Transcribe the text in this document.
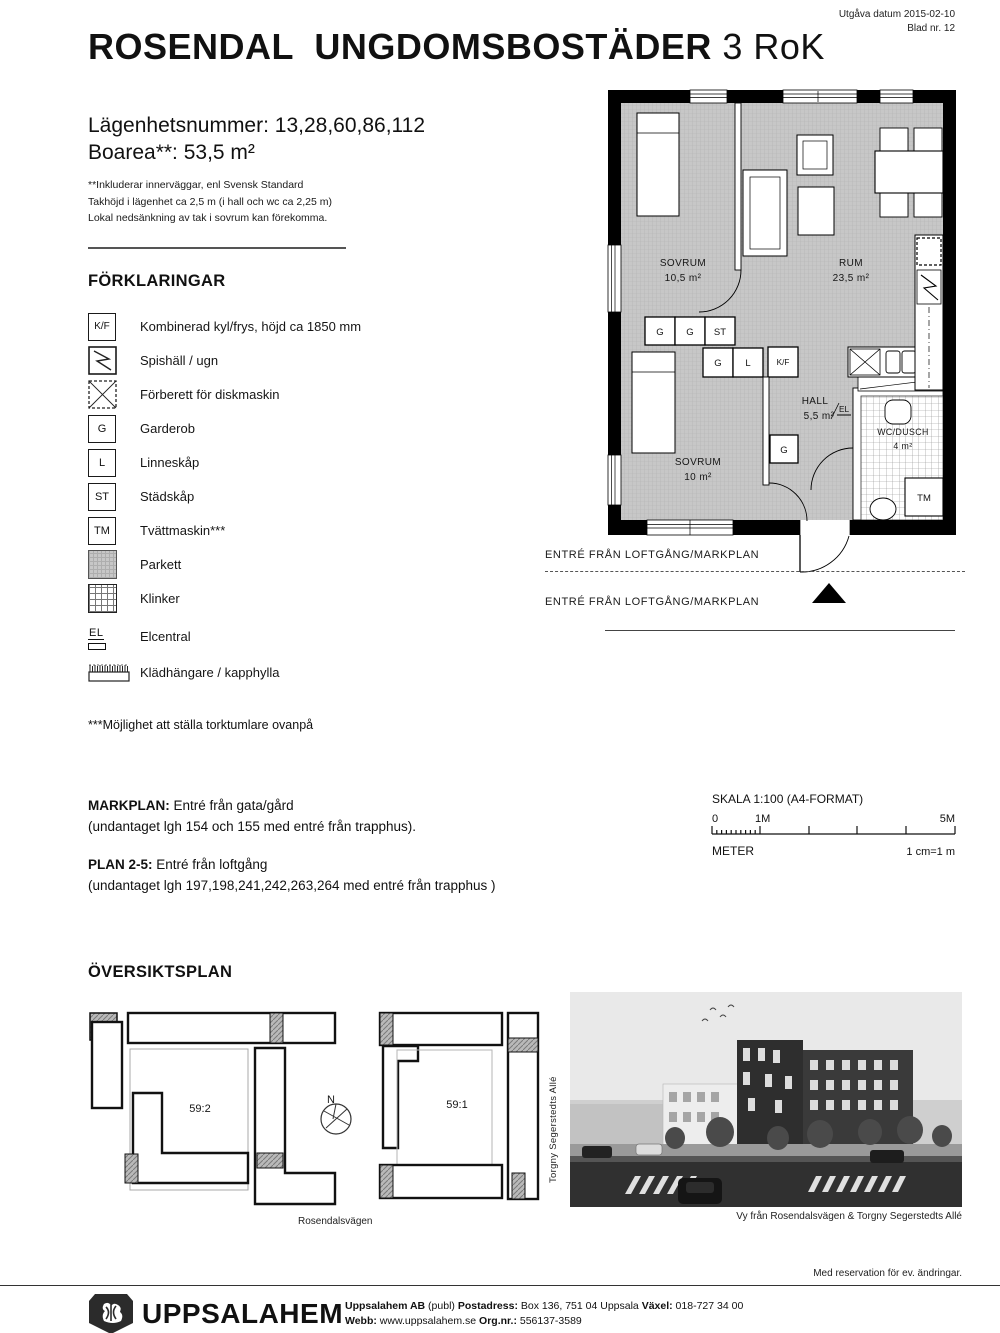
Utgåva datum 2015-02-10
Blad nr. 12
ROSENDAL  UNGDOMSBOSTÄDER 3 RoK
Lägenhetsnummer: 13,28,60,86,112
Boarea**: 53,5 m²
**Inkluderar innerväggar, enl Svensk Standard
Takhöjd i lägenhet ca 2,5 m (i hall och wc ca 2,25 m)
Lokal nedsänkning av tak i sovrum kan förekomma.
FÖRKLARINGAR
K/F Kombinerad kyl/frys, höjd ca 1850 mm
Spishäll / ugn
Förberett för diskmaskin
G	Garderob
L	Linneskåp
ST Städskåp
TM Tvättmaskin***
Parkett
Klinker
EL	Elcentral
Klädhängare / kapphylla
***Möjlighet att ställa torktumlare ovanpå
TM
G G ST
G L	K/F
G
EL
SOVRUM
10,5 m²
RUM
23,5 m²
SOVRUM
10 m²
HALL
5,5 m²
WC/DUSCH
4 m²
ENTRÉ FRÅN LOFTGÅNG/MARKPLAN
ENTRÉ FRÅN LOFTGÅNG/MARKPLAN
MARKPLAN: Entré från gata/gård
(undantaget lgh 154 och 155 med entré från trapphus).
PLAN 2-5: Entré från loftgång
(undantaget lgh 197,198,241,242,263,264 med entré från trapphus )
SKALA 1:100 (A4-FORMAT)
0	1M	5M
METER	1 cm=1 m
ÖVERSIKTSPLAN
59:2
N	59:1
Rosendalsvägen
Torgny Segerstedts Allé
Vy från Rosendalsvägen & Torgny Segerstedts Allé
Med reservation för ev. ändringar.
UPPSALAHEM Uppsalahem AB (publ) Postadress: Box 136, 751 04 Uppsala Växel: 018-727 34 00
Webb: www.uppsalahem.se Org.nr.: 556137-3589
